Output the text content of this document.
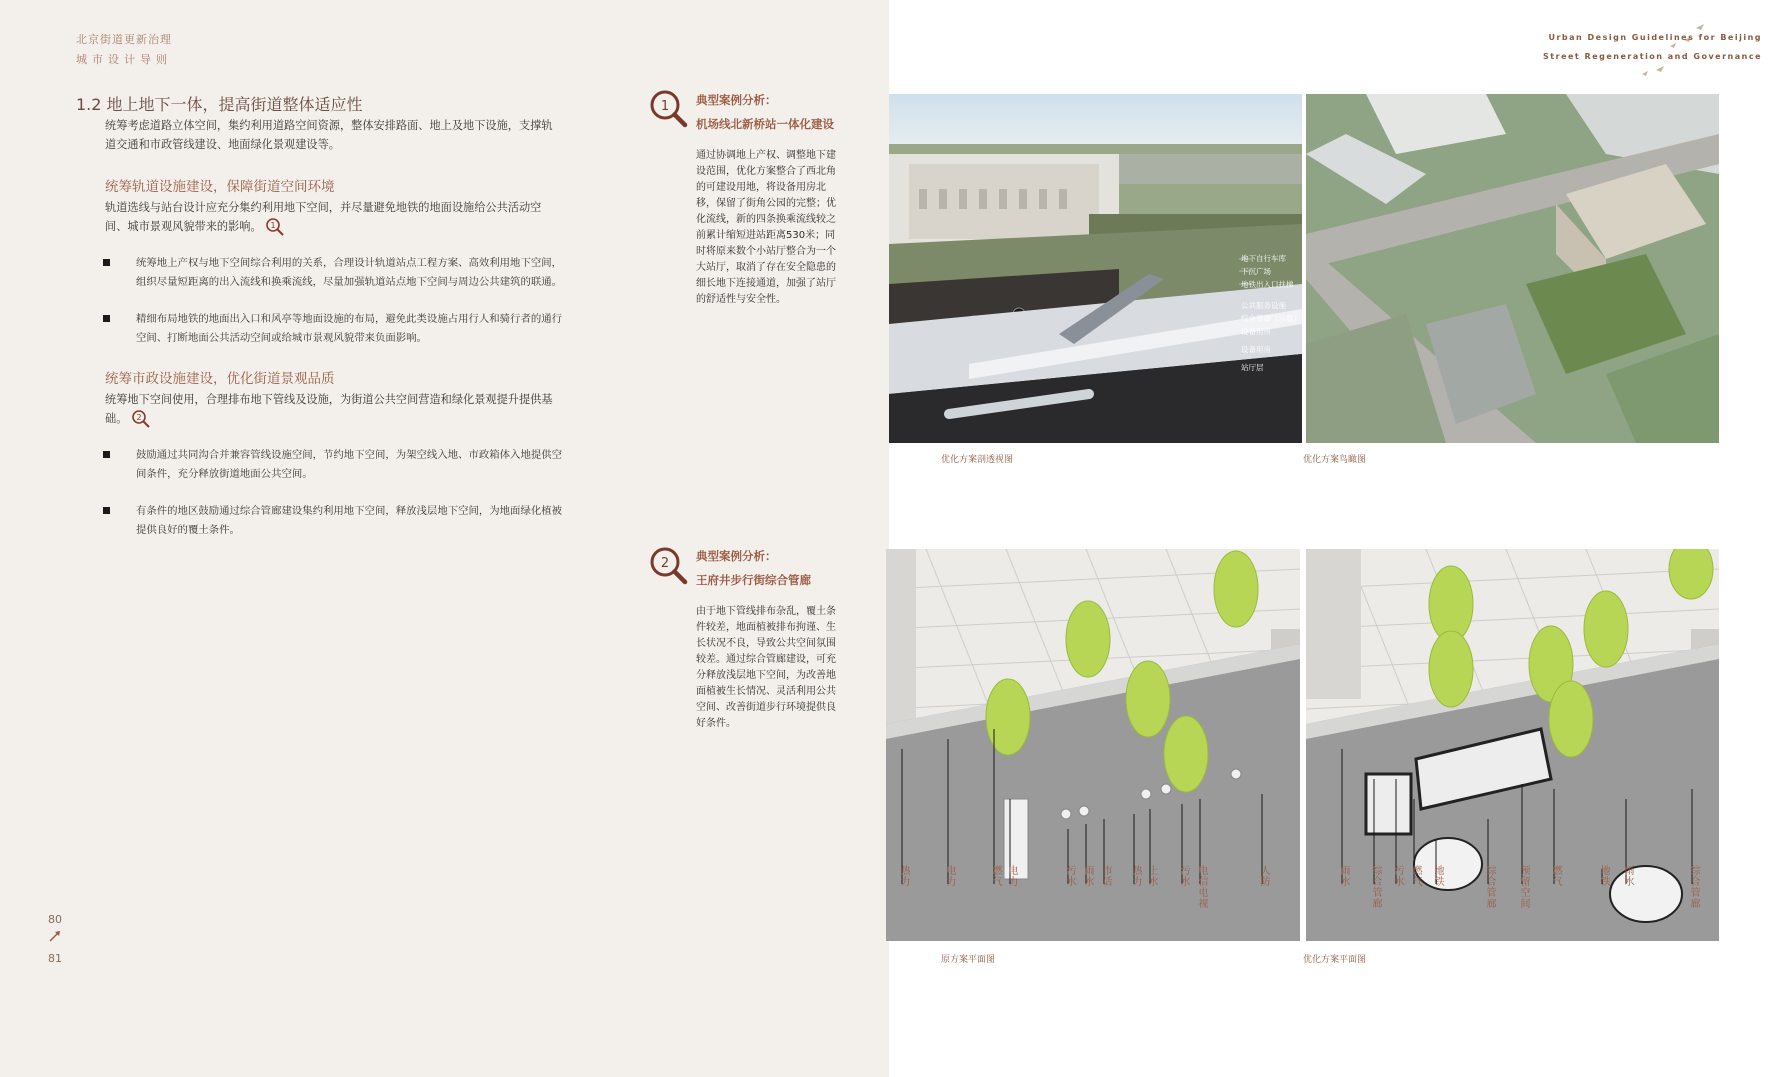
北京街道更新治理
城市设计导则
1.2 地上地下一体，提高街道整体适应性
统筹考虑道路立体空间，集约利用道路空间资源，整体安排路面、地上及地下设施，支撑轨道交通和市政管线建设、地面绿化景观建设等。
统筹轨道设施建设，保障街道空间环境
轨道选线与站台设计应充分集约利用地下空间，并尽量避免地铁的地面设施给公共活动空间、城市景观风貌带来的影响。 1
统筹地上产权与地下空间综合利用的关系，合理设计轨道站点工程方案、高效利用地下空间，组织尽量短距离的出入流线和换乘流线，尽量加强轨道站点地下空间与周边公共建筑的联通。
精细布局地铁的地面出入口和风亭等地面设施的布局，避免此类设施占用行人和骑行者的通行空间、打断地面公共活动空间或给城市景观风貌带来负面影响。
统筹市政设施建设，优化街道景观品质
统筹地下空间使用，合理排布地下管线及设施，为街道公共空间营造和绿化景观提升提供基础。 2
鼓励通过共同沟合并兼容管线设施空间，节约地下空间，为架空线入地、市政箱体入地提供空间条件，充分释放街道地面公共空间。
有条件的地区鼓励通过综合管廊建设集约利用地下空间，释放浅层地下空间，为地面绿化植被提供良好的覆土条件。
80
81
1 典型案例分析：
机场线北新桥站一体化建设
通过协调地上产权、调整地下建设范围，优化方案整合了西北角的可建设用地，将设备用房北移，保留了街角公园的完整；优化流线，新的四条换乘流线较之前累计缩短进站距离530米；同时将原来数个小站厅整合为一个大站厅，取消了存在安全隐患的细长地下连接通道，加强了站厅的舒适性与安全性。
2 典型案例分析：
王府井步行街综合管廊
由于地下管线排布杂乱，覆土条件较差，地面植被排布拘谨、生长状况不良，导致公共空间氛围较差。通过综合管廊建设，可充分释放浅层地下空间，为改善地面植被生长情况、灵活利用公共空间、改善街道步行环境提供良好条件。
Urban Design Guidelines for Beijing
Street Regeneration and Governance
地下自行车库
下沉广场
地铁出入口扶梯
公共服务设施
综合管廊（示意）
设备用房
设备用房
站厅层
优化方案剖透视图	优化方案鸟瞰图
热力	电力	燃气 电力	污水 雨水 市话 热力 上水 污水 电信电视	人防	雨水 综合管廊 污水 燃气 地铁	综合管廊 预留空间 燃气	地铁 雨水	综合管廊
原方案平面图	优化方案平面图
